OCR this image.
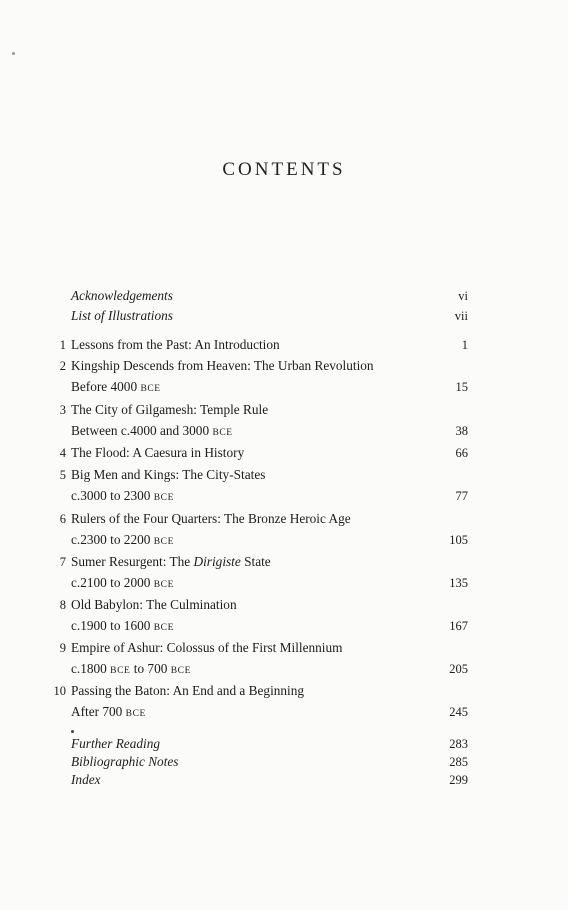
CONTENTS
Acknowledgements	vi
List of Illustrations	vii
1 Lessons from the Past: An Introduction	1
2 Kingship Descends from Heaven: The Urban Revolution
Before 4000 BCE	15
3 The City of Gilgamesh: Temple Rule
Between c.4000 and 3000 BCE	38
4 The Flood: A Caesura in History	66
5 Big Men and Kings: The City-States
c.3000 to 2300 BCE	77
6 Rulers of the Four Quarters: The Bronze Heroic Age
c.2300 to 2200 BCE	105
7 Sumer Resurgent: The Dirigiste State
c.2100 to 2000 BCE	135
8 Old Babylon: The Culmination
c.1900 to 1600 BCE	167
9 Empire of Ashur: Colossus of the First Millennium
c.1800 BCE to 700 BCE	205
10 Passing the Baton: An End and a Beginning
After 700 BCE	245
Further Reading	283
Bibliographic Notes	285
Index	299
